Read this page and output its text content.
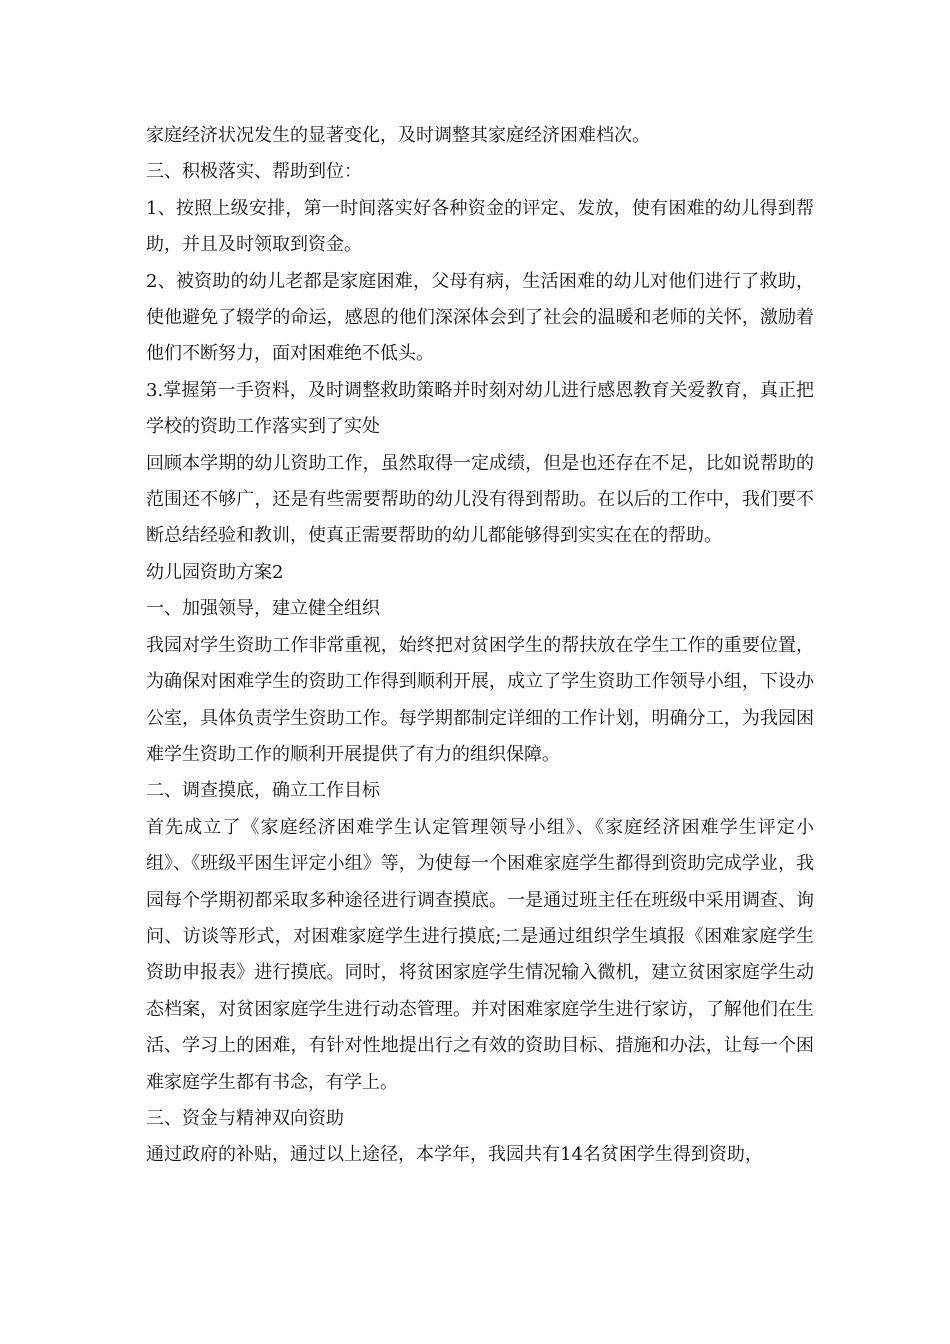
家庭经济状况发生的显著变化，及时调整其家庭经济困难档次。

三、积极落实、帮助到位：

1、按照上级安排，第一时间落实好各种资金的评定、发放，使有困难的幼儿得到帮助，并且及时领取到资金。

2、被资助的幼儿老都是家庭困难，父母有病，生活困难的幼儿对他们进行了救助，使他避免了辍学的命运，感恩的他们深深体会到了社会的温暖和老师的关怀，激励着他们不断努力，面对困难绝不低头。

3.掌握第一手资料，及时调整救助策略并时刻对幼儿进行感恩教育关爱教育，真正把学校的资助工作落实到了实处

回顾本学期的幼儿资助工作，虽然取得一定成绩，但是也还存在不足，比如说帮助的范围还不够广，还是有些需要帮助的幼儿没有得到帮助。在以后的工作中，我们要不断总结经验和教训，使真正需要帮助的幼儿都能够得到实实在在的帮助。

幼儿园资助方案2

一、加强领导，建立健全组织

我园对学生资助工作非常重视，始终把对贫困学生的帮扶放在学生工作的重要位置，为确保对困难学生的资助工作得到顺利开展，成立了学生资助工作领导小组，下设办公室，具体负责学生资助工作。每学期都制定详细的工作计划，明确分工，为我园困难学生资助工作的顺利开展提供了有力的组织保障。

二、调查摸底，确立工作目标

首先成立了《家庭经济困难学生认定管理领导小组》、《家庭经济困难学生评定小组》、《班级平困生评定小组》等，为使每一个困难家庭学生都得到资助完成学业，我园每个学期初都采取多种途径进行调查摸底。一是通过班主任在班级中采用调查、询问、访谈等形式，对困难家庭学生进行摸底;二是通过组织学生填报《困难家庭学生资助申报表》进行摸底。同时，将贫困家庭学生情况输入微机，建立贫困家庭学生动态档案，对贫困家庭学生进行动态管理。并对困难家庭学生进行家访，了解他们在生活、学习上的困难，有针对性地提出行之有效的资助目标、措施和办法，让每一个困难家庭学生都有书念，有学上。

三、资金与精神双向资助

通过政府的补贴，通过以上途径，本学年，我园共有14名贫困学生得到资助，
